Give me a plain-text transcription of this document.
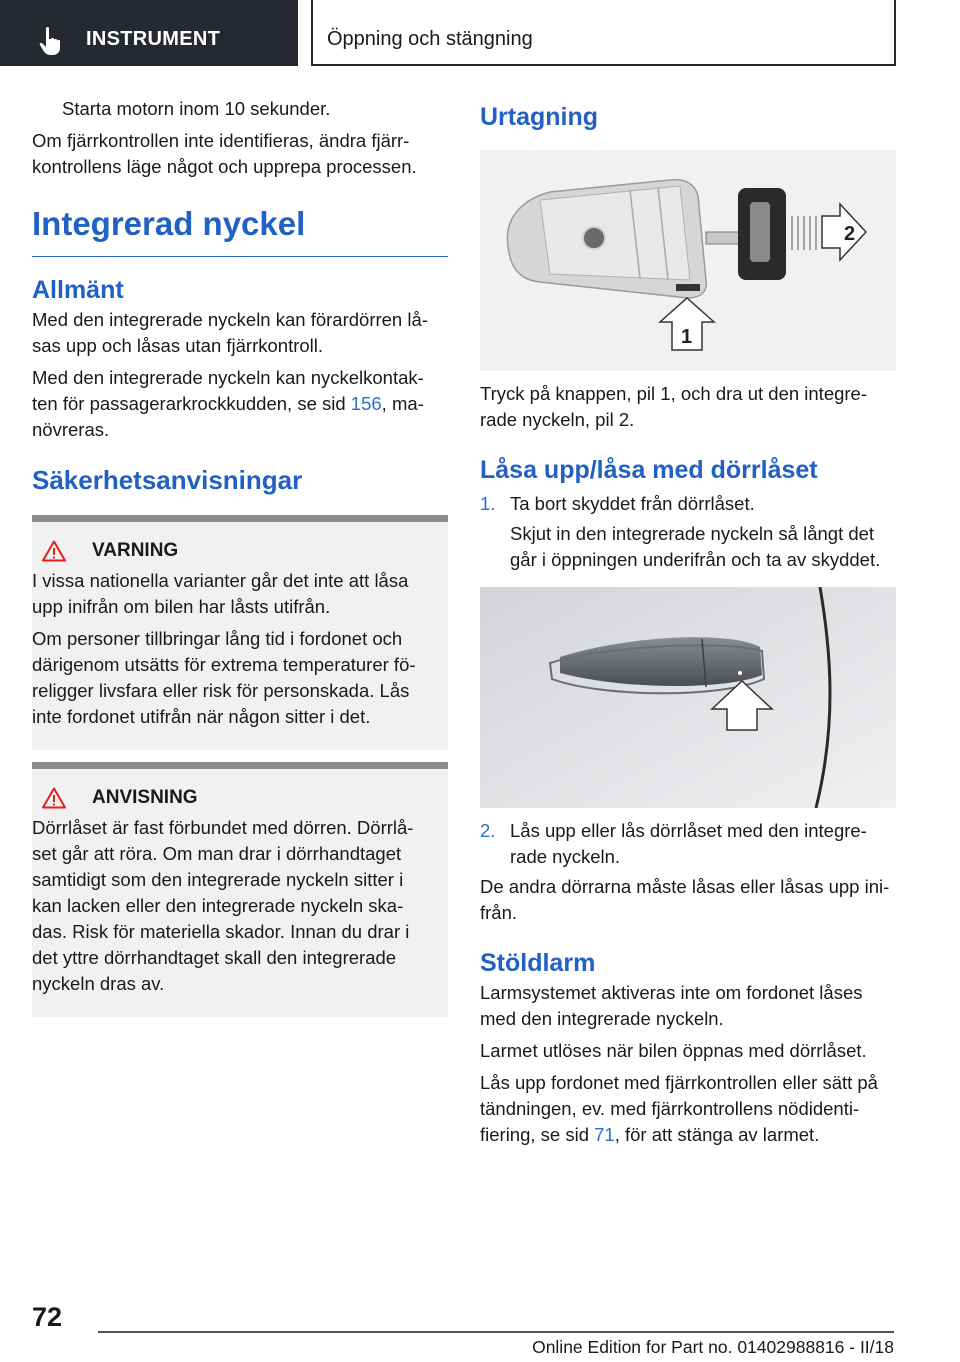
INSTRUMENT	Öppning och stängning

Starta motorn inom 10 sekunder.

Om fjärrkontrollen inte identifieras, ändra fjärr-kontrollens läge något och upprepa processen.

Integrerad nyckel
Allmänt

Med den integrerade nyckeln kan förardörren lå-sas upp och låsas utan fjärrkontroll.

Med den integrerade nyckeln kan nyckelkontak-ten för passagerarkrockkudden, se sid 156, ma-növreras.

Säkerhetsanvisningar
VARNING

I vissa nationella varianter går det inte att låsa upp inifrån om bilen har låsts utifrån.

Om personer tillbringar lång tid i fordonet och därigenom utsätts för extrema temperaturer fö-religger livsfara eller risk för personskada. Lås inte fordonet utifrån när någon sitter i det.

ANVISNING

Dörrlåset är fast förbundet med dörren. Dörrlå-set går att röra. Om man drar i dörrhandtaget samtidigt som den integrerade nyckeln sitter i kan lacken eller den integrerade nyckeln ska-das. Risk för materiella skador. Innan du drar i det yttre dörrhandtaget skall den integrerade nyckeln dras av.

Urtagning
2
1

Tryck på knappen, pil 1, och dra ut den integre-rade nyckeln, pil 2.

Låsa upp/låsa med dörrlåset
1. Ta bort skyddet från dörrlåset.

Skjut in den integrerade nyckeln så långt det går i öppningen underifrån och ta av skyddet.

2. Lås upp eller lås dörrlåset med den integre-rade nyckeln.

De andra dörrarna måste låsas eller låsas upp ini-från.

Stöldlarm

Larmsystemet aktiveras inte om fordonet låses med den integrerade nyckeln.

Larmet utlöses när bilen öppnas med dörrlåset.

Lås upp fordonet med fjärrkontrollen eller sätt på tändningen, ev. med fjärrkontrollens nödidenti-fiering, se sid 71, för att stänga av larmet.

72
Online Edition for Part no. 01402988816 - II/18
